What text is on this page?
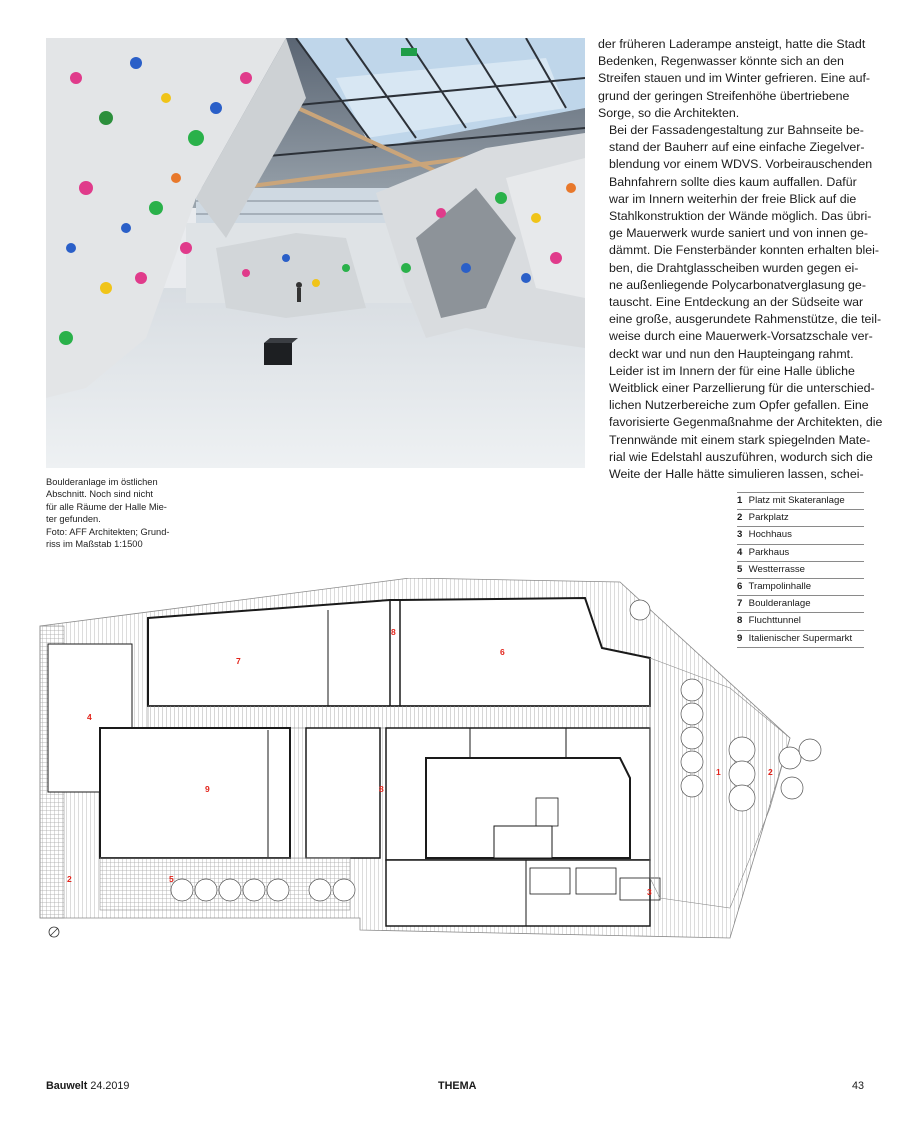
der früheren Laderampe ansteigt, hatte die Stadt
Bedenken, Regenwasser könnte sich an den
Streifen stauen und im Winter gefrieren. Eine auf-
grund der geringen Streifenhöhe übertriebene
Sorge, so die Architekten.

Bei der Fassadengestaltung zur Bahnseite be-
stand der Bauherr auf eine einfache Ziegelver-
blendung vor einem WDVS. Vorbeirauschenden
Bahnfahrern sollte dies kaum auffallen. Dafür
war im Innern weiterhin der freie Blick auf die
Stahlkonstruktion der Wände möglich. Das übri-
ge Mauerwerk wurde saniert und von innen ge-
dämmt. Die Fensterbänder konnten erhalten blei-
ben, die Drahtglasscheiben wurden gegen ei-
ne außenliegende Polycarbonatverglasung ge-
tauscht. Eine Entdeckung an der Südseite war
eine große, ausgerundete Rahmenstütze, die teil-
weise durch eine Mauerwerk-Vorsatzschale ver-
deckt war und nun den Haupteingang rahmt.

Leider ist im Innern der für eine Halle übliche
Weitblick einer Parzellierung für die unterschied-
lichen Nutzerbereiche zum Opfer gefallen. Eine
favorisierte Gegenmaßnahme der Architekten, die
Trennwände mit einem stark spiegelnden Mate-
rial wie Edelstahl auszuführen, wodurch sich die
Weite der Halle hätte simulieren lassen, schei-

Boulderanlage im östlichen
Abschnitt. Noch sind nicht
für alle Räume der Halle Mie-
ter gefunden.
Foto: AFF Architekten; Grund-
riss im Maßstab 1:1500
1 Platz mit Skateranlage
2 Parkplatz
3 Hochhaus
4 Parkhaus
5 Westterrasse
6 Trampolinhalle
7 Boulderanlage
8 Fluchttunnel
9 Italienischer Supermarkt
1	2
2
3
4
5
6
7
8
8
9
Bauwelt 24.2019	THEMA	43
